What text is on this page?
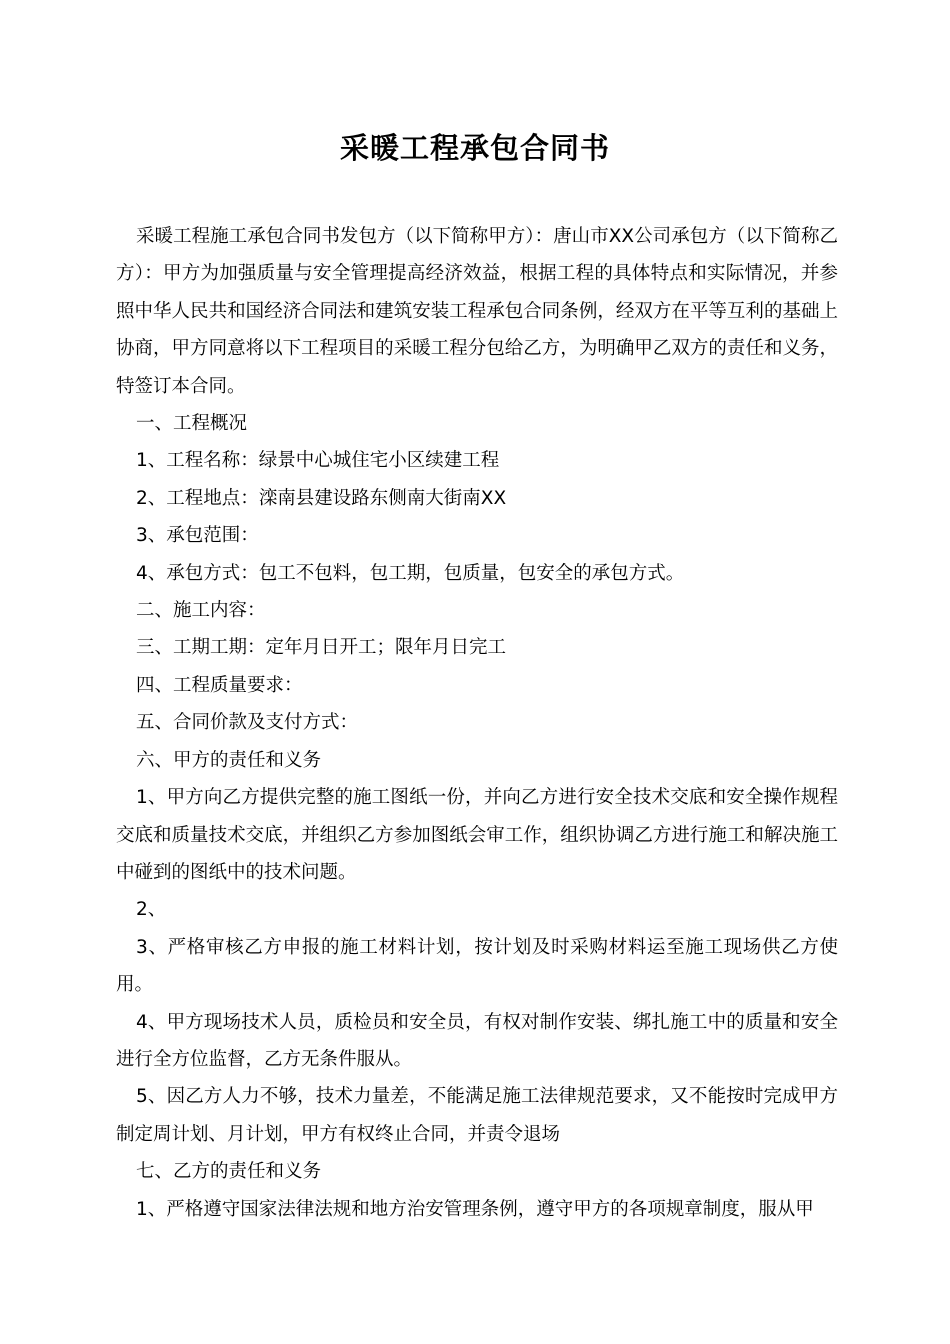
采暖工程承包合同书

采暖工程施工承包合同书发包方（以下简称甲方）：唐山市XX公司承包方（以下简称乙方）：甲方为加强质量与安全管理提高经济效益，根据工程的具体特点和实际情况，并参照中华人民共和国经济合同法和建筑安装工程承包合同条例，经双方在平等互利的基础上协商，甲方同意将以下工程项目的采暖工程分包给乙方，为明确甲乙双方的责任和义务，特签订本合同。

一、工程概况

1、工程名称：绿景中心城住宅小区续建工程

2、工程地点：滦南县建设路东侧南大街南XX

3、承包范围：

4、承包方式：包工不包料，包工期，包质量，包安全的承包方式。

二、施工内容：

三、工期工期：定年月日开工；限年月日完工

四、工程质量要求：

五、合同价款及支付方式：

六、甲方的责任和义务

1、甲方向乙方提供完整的施工图纸一份，并向乙方进行安全技术交底和安全操作规程交底和质量技术交底，并组织乙方参加图纸会审工作，组织协调乙方进行施工和解决施工中碰到的图纸中的技术问题。

2、

3、严格审核乙方申报的施工材料计划，按计划及时采购材料运至施工现场供乙方使用。

4、甲方现场技术人员，质检员和安全员，有权对制作安装、绑扎施工中的质量和安全进行全方位监督，乙方无条件服从。

5、因乙方人力不够，技术力量差，不能满足施工法律规范要求，又不能按时完成甲方制定周计划、月计划，甲方有权终止合同，并责令退场

七、乙方的责任和义务

1、严格遵守国家法律法规和地方治安管理条例，遵守甲方的各项规章制度，服从甲
